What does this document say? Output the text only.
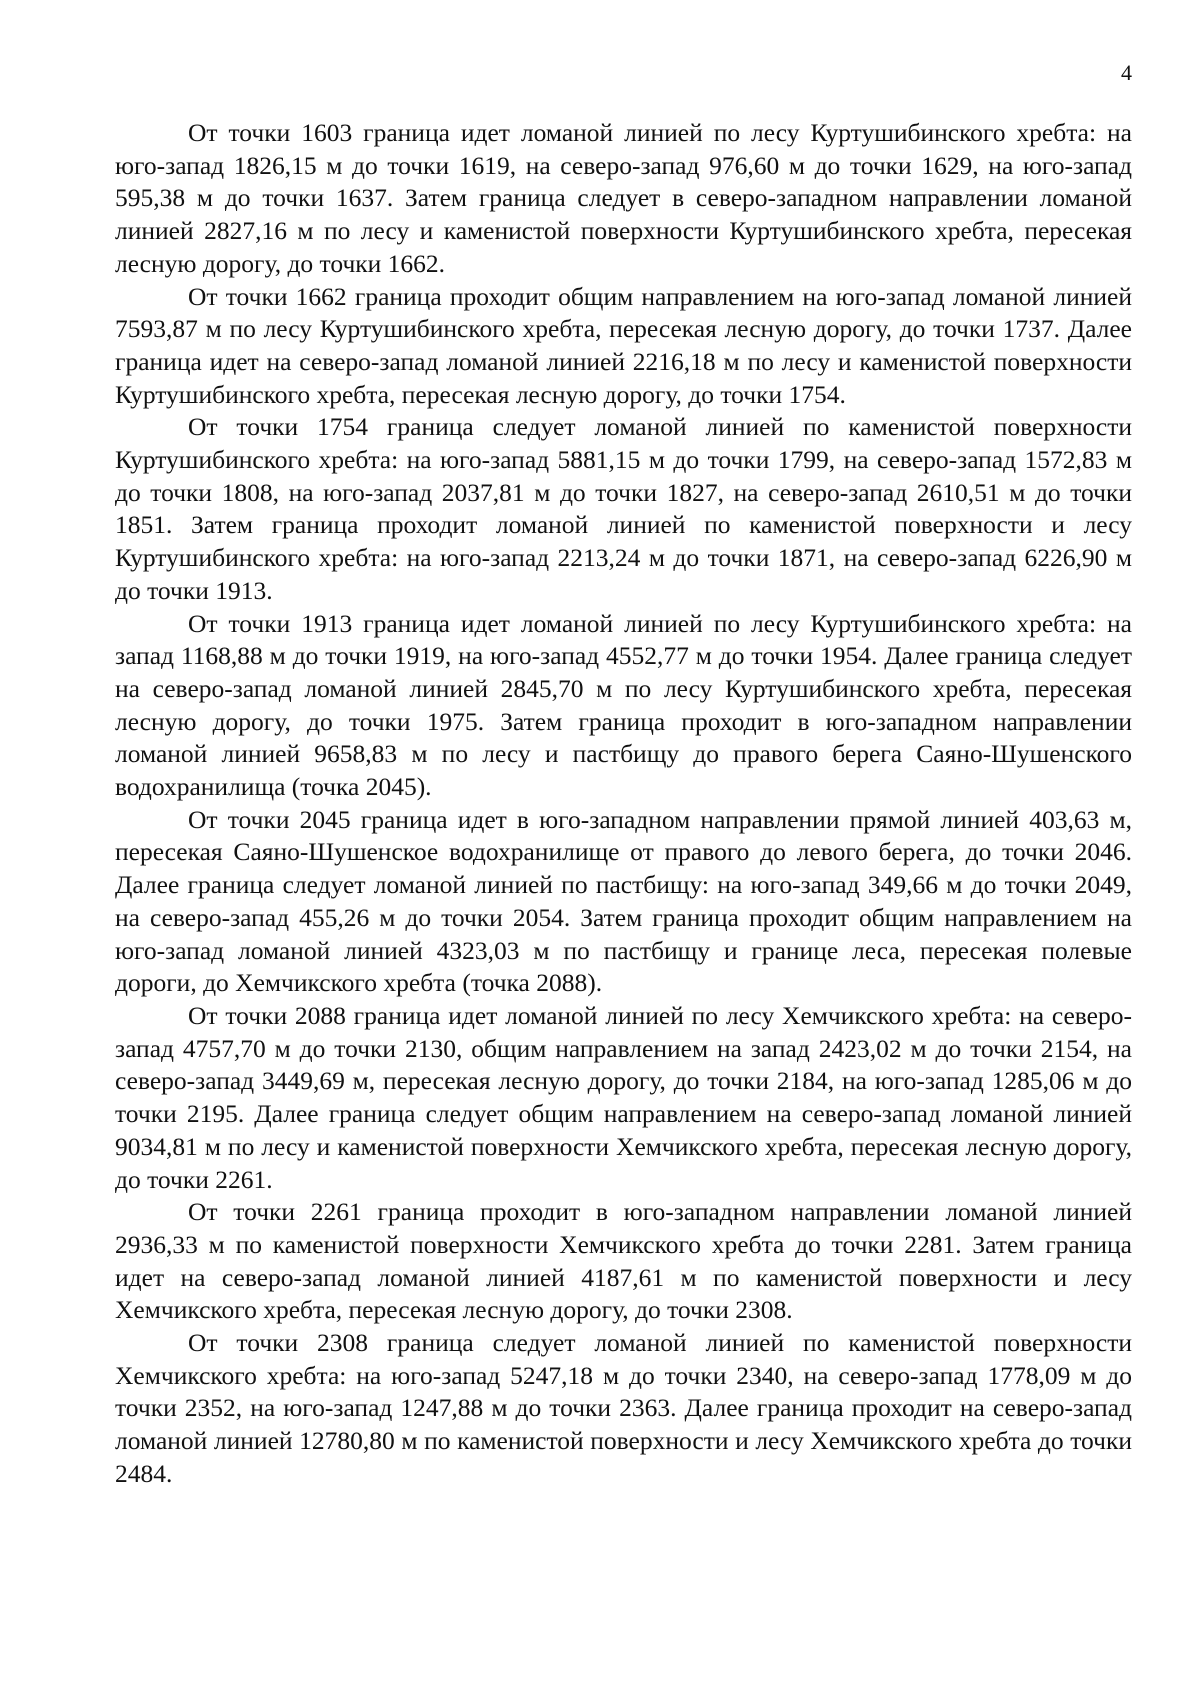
4

От точки 1603 граница идет ломаной линией по лесу Куртушибинского хребта: на юго-запад 1826,15 м до точки 1619, на северо-запад 976,60 м до точки 1629, на юго-запад 595,38 м до точки 1637. Затем граница следует в северо-западном направлении ломаной линией 2827,16 м по лесу и каменистой поверхности Куртушибинского хребта, пересекая лесную дорогу, до точки 1662.

От точки 1662 граница проходит общим направлением на юго-запад ломаной линией 7593,87 м по лесу Куртушибинского хребта, пересекая лесную дорогу, до точки 1737. Далее граница идет на северо-запад ломаной линией 2216,18 м по лесу и каменистой поверхности Куртушибинского хребта, пересекая лесную дорогу, до точки 1754.

От точки 1754 граница следует ломаной линией по каменистой поверхности Куртушибинского хребта: на юго-запад 5881,15 м до точки 1799, на северо-запад 1572,83 м до точки 1808, на юго-запад 2037,81 м до точки 1827, на северо-запад 2610,51 м до точки 1851. Затем граница проходит ломаной линией по каменистой поверхности и лесу Куртушибинского хребта: на юго-запад 2213,24 м до точки 1871, на северо-запад 6226,90 м до точки 1913.

От точки 1913 граница идет ломаной линией по лесу Куртушибинского хребта: на запад 1168,88 м до точки 1919, на юго-запад 4552,77 м до точки 1954. Далее граница следует на северо-запад ломаной линией 2845,70 м по лесу Куртушибинского хребта, пересекая лесную дорогу, до точки 1975. Затем граница проходит в юго-западном направлении ломаной линией 9658,83 м по лесу и пастбищу до правого берега Саяно-Шушенского водохранилища (точка 2045).

От точки 2045 граница идет в юго-западном направлении прямой линией 403,63 м, пересекая Саяно-Шушенское водохранилище от правого до левого берега, до точки 2046. Далее граница следует ломаной линией по пастбищу: на юго-запад 349,66 м до точки 2049, на северо-запад 455,26 м до точки 2054. Затем граница проходит общим направлением на юго-запад ломаной линией 4323,03 м по пастбищу и границе леса, пересекая полевые дороги, до Хемчикского хребта (точка 2088).

От точки 2088 граница идет ломаной линией по лесу Хемчикского хребта: на северо-запад 4757,70 м до точки 2130, общим направлением на запад 2423,02 м до точки 2154, на северо-запад 3449,69 м, пересекая лесную дорогу, до точки 2184, на юго-запад 1285,06 м до точки 2195. Далее граница следует общим направлением на северо-запад ломаной линией 9034,81 м по лесу и каменистой поверхности Хемчикского хребта, пересекая лесную дорогу, до точки 2261.

От точки 2261 граница проходит в юго-западном направлении ломаной линией 2936,33 м по каменистой поверхности Хемчикского хребта до точки 2281. Затем граница идет на северо-запад ломаной линией 4187,61 м по каменистой поверхности и лесу Хемчикского хребта, пересекая лесную дорогу, до точки 2308.

От точки 2308 граница следует ломаной линией по каменистой поверхности Хемчикского хребта: на юго-запад 5247,18 м до точки 2340, на северо-запад 1778,09 м до точки 2352, на юго-запад 1247,88 м до точки 2363. Далее граница проходит на северо-запад ломаной линией 12780,80 м по каменистой поверхности и лесу Хемчикского хребта до точки 2484.
